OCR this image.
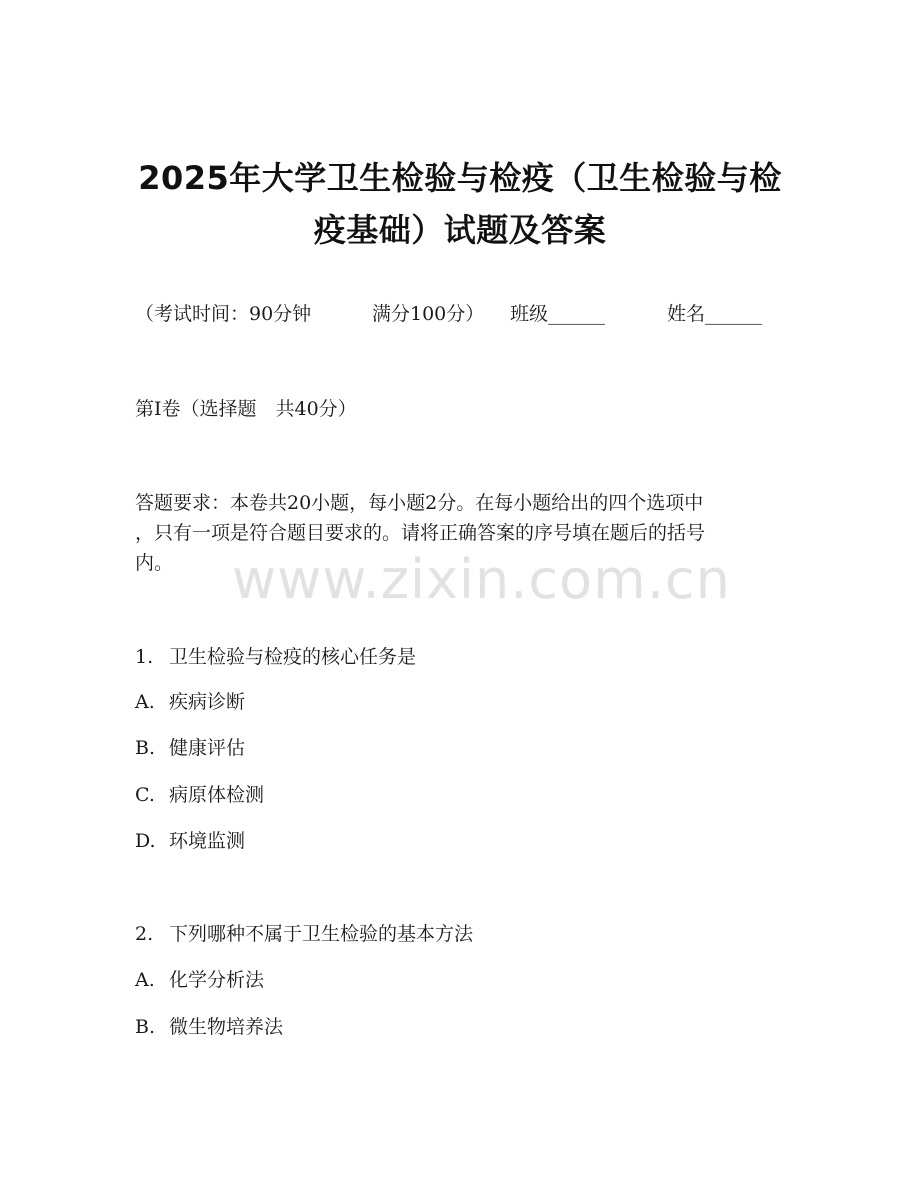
2025年大学卫生检验与检疫（卫生检验与检
疫基础）试题及答案
（考试时间：90分钟	满分100分） 班级______	姓名______
第Ⅰ卷（选择题　共40分）
答题要求：本卷共20小题，每小题2分。在每小题给出的四个选项中
，只有一项是符合题目要求的。请将正确答案的序号填在题后的括号
内。	www.zixin.com.cn
1. 卫生检验与检疫的核心任务是
A. 疾病诊断
B. 健康评估
C. 病原体检测
D. 环境监测
2. 下列哪种不属于卫生检验的基本方法
A. 化学分析法
B. 微生物培养法
